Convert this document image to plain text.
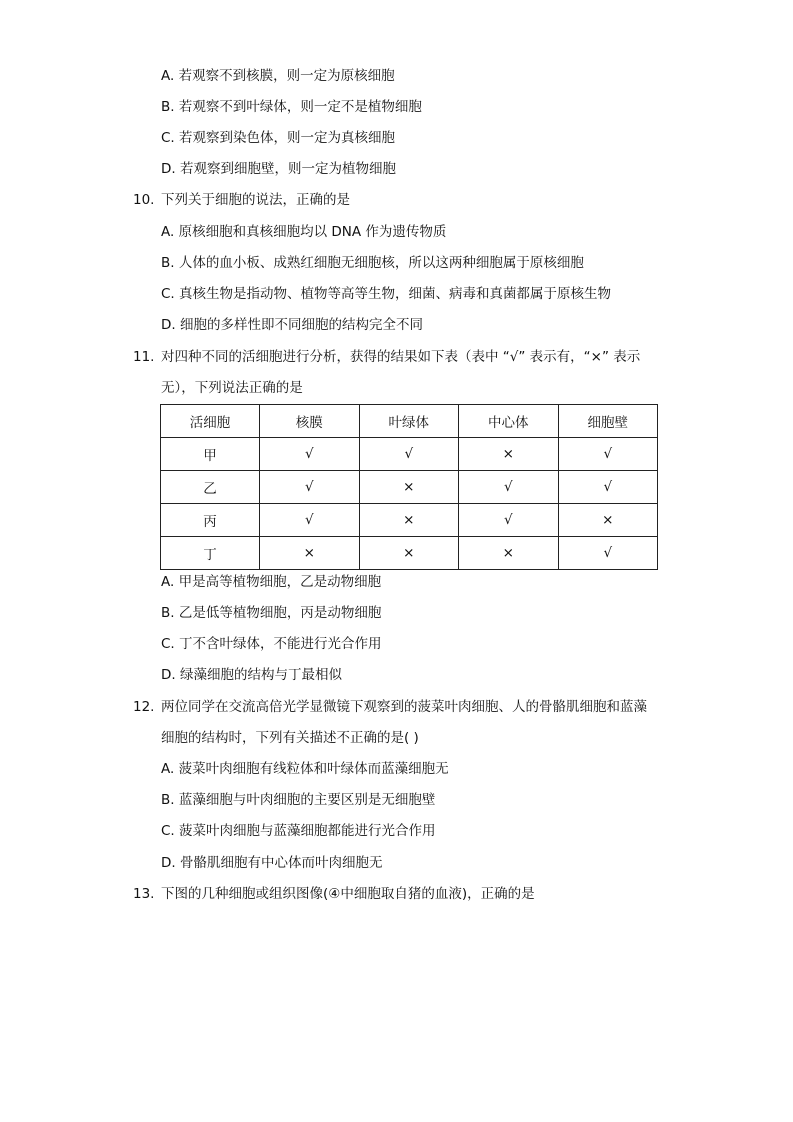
A. 若观察不到核膜，则一定为原核细胞
B. 若观察不到叶绿体，则一定不是植物细胞
C. 若观察到染色体，则一定为真核细胞
D. 若观察到细胞壁，则一定为植物细胞
10. 下列关于细胞的说法，正确的是
A. 原核细胞和真核细胞均以 DNA 作为遗传物质
B. 人体的血小板、成熟红细胞无细胞核，所以这两种细胞属于原核细胞
C. 真核生物是指动物、植物等高等生物，细菌、病毒和真菌都属于原核生物
D. 细胞的多样性即不同细胞的结构完全不同
11. 对四种不同的活细胞进行分析，获得的结果如下表（表中 “√” 表示有，“×” 表示
无），下列说法正确的是
活细胞	核膜	叶绿体	中心体	细胞壁
甲	√	√	×	√
乙	√	×	√	√
丙	√	×	√	×
丁	×	×	×	√
A. 甲是高等植物细胞，乙是动物细胞
B. 乙是低等植物细胞，丙是动物细胞
C. 丁不含叶绿体，不能进行光合作用
D. 绿藻细胞的结构与丁最相似
12. 两位同学在交流高倍光学显微镜下观察到的菠菜叶肉细胞、人的骨骼肌细胞和蓝藻
细胞的结构时，下列有关描述不正确的是( )
A. 菠菜叶肉细胞有线粒体和叶绿体而蓝藻细胞无
B. 蓝藻细胞与叶肉细胞的主要区别是无细胞壁
C. 菠菜叶肉细胞与蓝藻细胞都能进行光合作用
D. 骨骼肌细胞有中心体而叶肉细胞无
13. 下图的几种细胞或组织图像(④中细胞取自猪的血液)，正确的是
